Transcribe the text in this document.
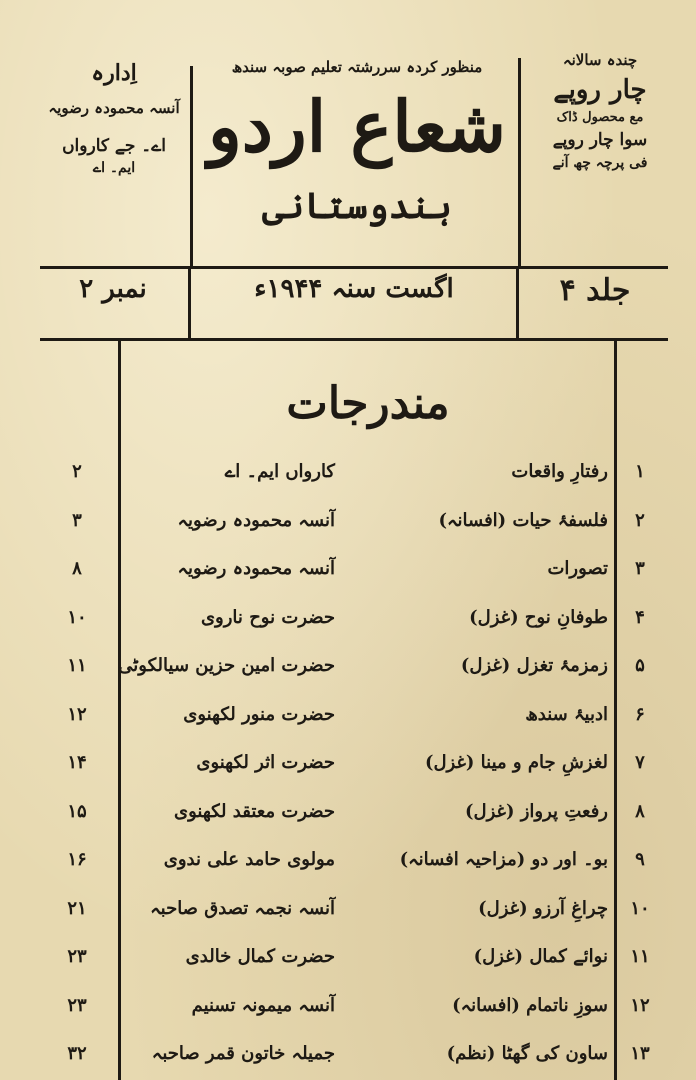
چندہ سالانہ
چار روپے
مع محصول ڈاک
سوا چار روپے
فی پرچہ چھ آنے
منظور کردہ سررشتہ تعلیم صوبہ سندھ
شعاع اردو
ہندوستانی
اِدارہ
آنسہ محمودہ رضویہ
اے۔ جے کارواں
ایم۔ اے
جلد ۴
اگست سنہ ۱۹۴۴ء
نمبر ۲
مندرجات
۱
رفتارِ واقعات
کارواں ایم۔ اے
۲
۲
فلسفۂ حیات (افسانہ)
آنسہ محمودہ رضویہ
۳
۳
تصورات
آنسہ محمودہ رضویہ
۸
۴
طوفانِ نوح (غزل)
حضرت نوح ناروی
۱۰
۵
زمزمۂ تغزل (غزل)
حضرت امین حزین سیالکوٹی
۱۱
۶
ادبیۂ سندھ
حضرت منور لکھنوی
۱۲
۷
لغزشِ جام و مینا (غزل)
حضرت اثر لکھنوی
۱۴
۸
رفعتِ پرواز (غزل)
حضرت معتقد لکھنوی
۱۵
۹
بو۔ اور دو (مزاحیہ افسانہ)
مولوی حامد علی ندوی
۱۶
۱۰
چراغِ آرزو (غزل)
آنسہ نجمہ تصدق صاحبہ
۲۱
۱۱
نوائے کمال (غزل)
حضرت کمال خالدی
۲۳
۱۲
سوزِ ناتمام (افسانہ)
آنسہ میمونہ تسنیم
۲۳
۱۳
ساون کی گھٹا (نظم)
جمیلہ خاتون قمر صاحبہ
۳۲
